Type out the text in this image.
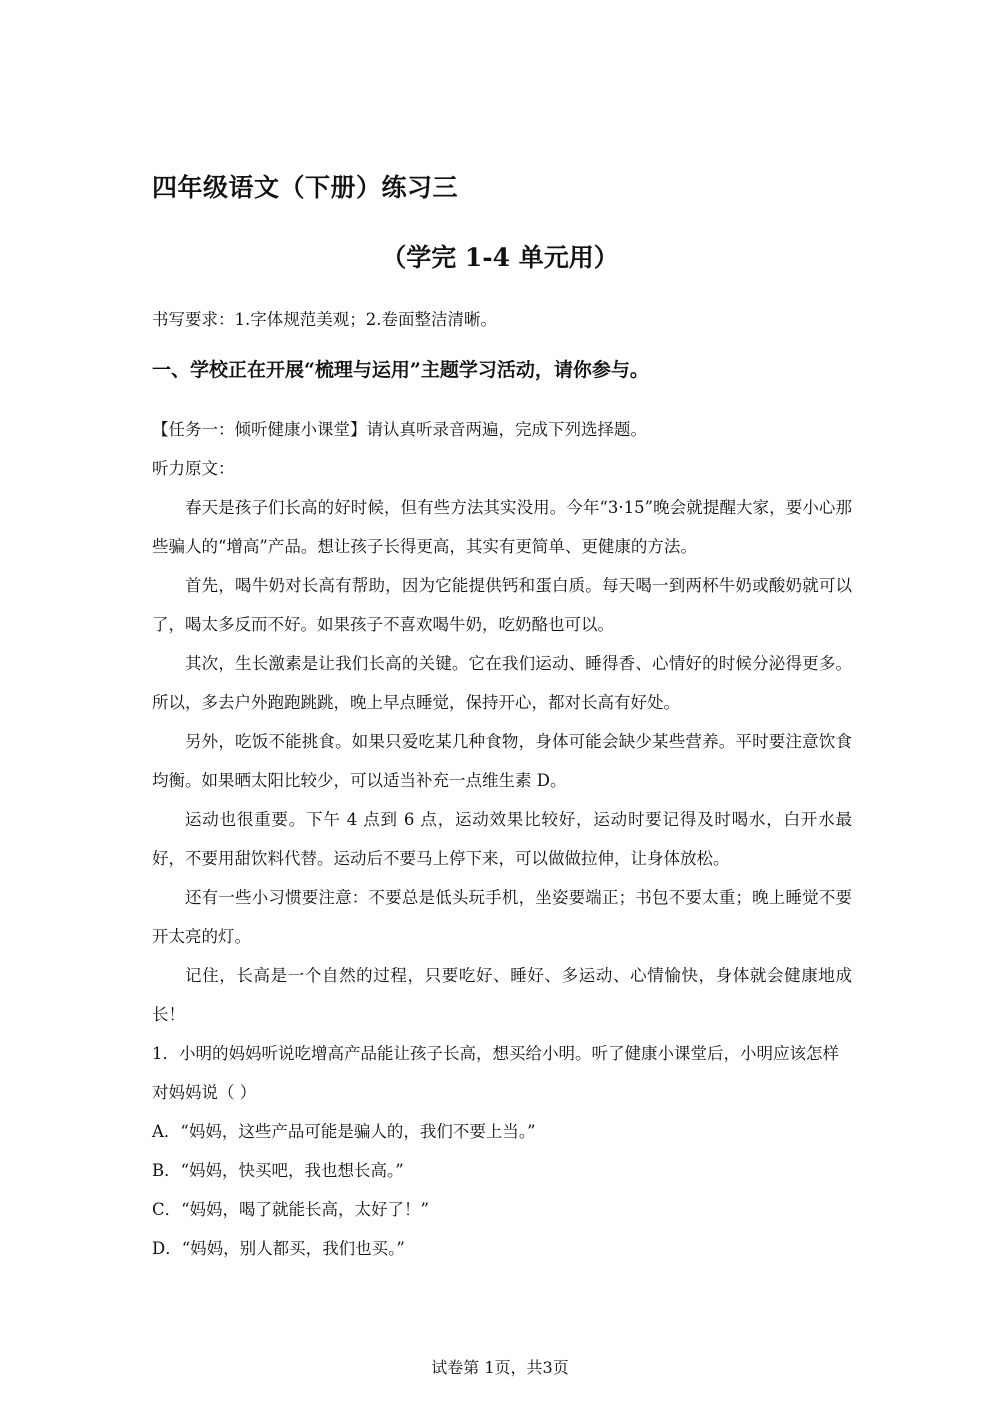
四年级语文（下册）练习三
（学完 1-4 单元用）

书写要求：1.字体规范美观；2.卷面整洁清晰。

一、学校正在开展“梳理与运用”主题学习活动，请你参与。

【任务一：倾听健康小课堂】请认真听录音两遍，完成下列选择题。

听力原文：

春天是孩子们长高的好时候，但有些方法其实没用。今年“3·15”晚会就提醒大家，要小心那些骗人的“增高”产品。想让孩子长得更高，其实有更简单、更健康的方法。

首先，喝牛奶对长高有帮助，因为它能提供钙和蛋白质。每天喝一到两杯牛奶或酸奶就可以了，喝太多反而不好。如果孩子不喜欢喝牛奶，吃奶酪也可以。

其次，生长激素是让我们长高的关键。它在我们运动、睡得香、心情好的时候分泌得更多。所以，多去户外跑跑跳跳，晚上早点睡觉，保持开心，都对长高有好处。

另外，吃饭不能挑食。如果只爱吃某几种食物，身体可能会缺少某些营养。平时要注意饮食均衡。如果晒太阳比较少，可以适当补充一点维生素 D。

运动也很重要。下午 4 点到 6 点，运动效果比较好，运动时要记得及时喝水，白开水最好，不要用甜饮料代替。运动后不要马上停下来，可以做做拉伸，让身体放松。

还有一些小习惯要注意：不要总是低头玩手机，坐姿要端正；书包不要太重；晚上睡觉不要开太亮的灯。

记住，长高是一个自然的过程，只要吃好、睡好、多运动、心情愉快，身体就会健康地成长！

1．小明的妈妈听说吃增高产品能让孩子长高，想买给小明。听了健康小课堂后，小明应该怎样对妈妈说（ ）

A．“妈妈，这些产品可能是骗人的，我们不要上当。”

B．“妈妈，快买吧，我也想长高。”

C．“妈妈，喝了就能长高，太好了！”

D．“妈妈，别人都买，我们也买。”

试卷第 1页，共3页
